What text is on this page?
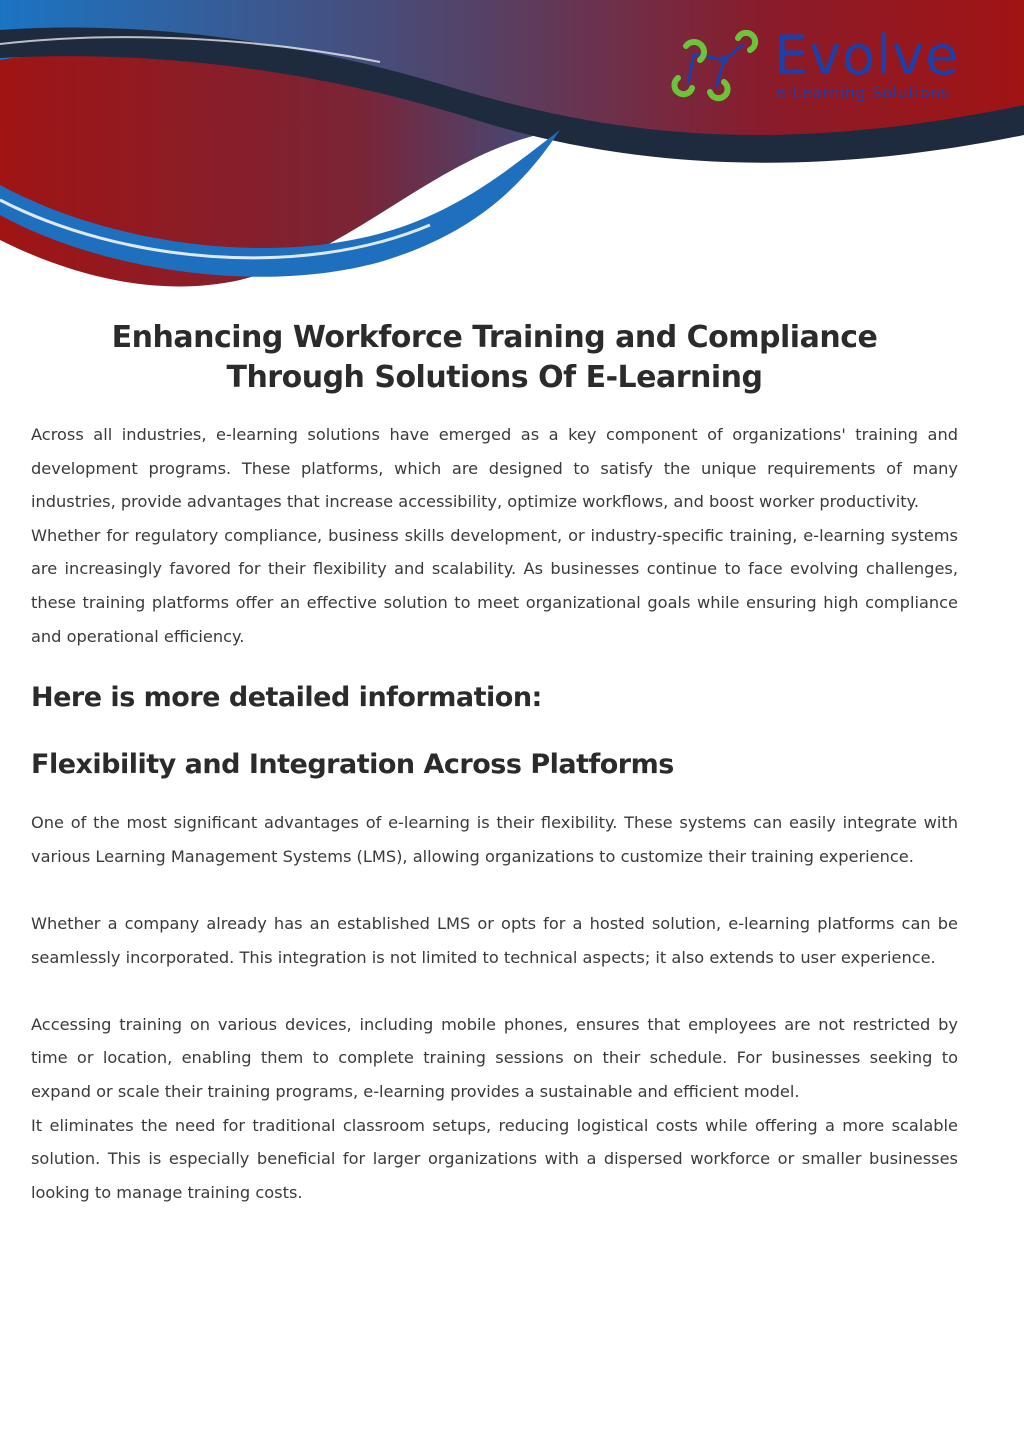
Evolve
e-Learning Solutions
Enhancing Workforce Training and Compliance
Through Solutions Of E-Learning

Across all industries, e-learning solutions have emerged as a key component of organizations' training and development programs. These platforms, which are designed to satisfy the unique requirements of many industries, provide advantages that increase accessibility, optimize workflows, and boost worker productivity.

Whether for regulatory compliance, business skills development, or industry-specific training, e-learning systems are increasingly favored for their flexibility and scalability. As businesses continue to face evolving challenges, these training platforms offer an effective solution to meet organizational goals while ensuring high compliance and operational efficiency.

Here is more detailed information:
Flexibility and Integration Across Platforms

One of the most significant advantages of e-learning is their flexibility. These systems can easily integrate with various Learning Management Systems (LMS), allowing organizations to customize their training experience.

Whether a company already has an established LMS or opts for a hosted solution, e-learning platforms can be seamlessly incorporated. This integration is not limited to technical aspects; it also extends to user experience.

Accessing training on various devices, including mobile phones, ensures that employees are not restricted by time or location, enabling them to complete training sessions on their schedule. For businesses seeking to expand or scale their training programs, e-learning provides a sustainable and efficient model.

It eliminates the need for traditional classroom setups, reducing logistical costs while offering a more scalable solution. This is especially beneficial for larger organizations with a dispersed workforce or smaller businesses looking to manage training costs.
